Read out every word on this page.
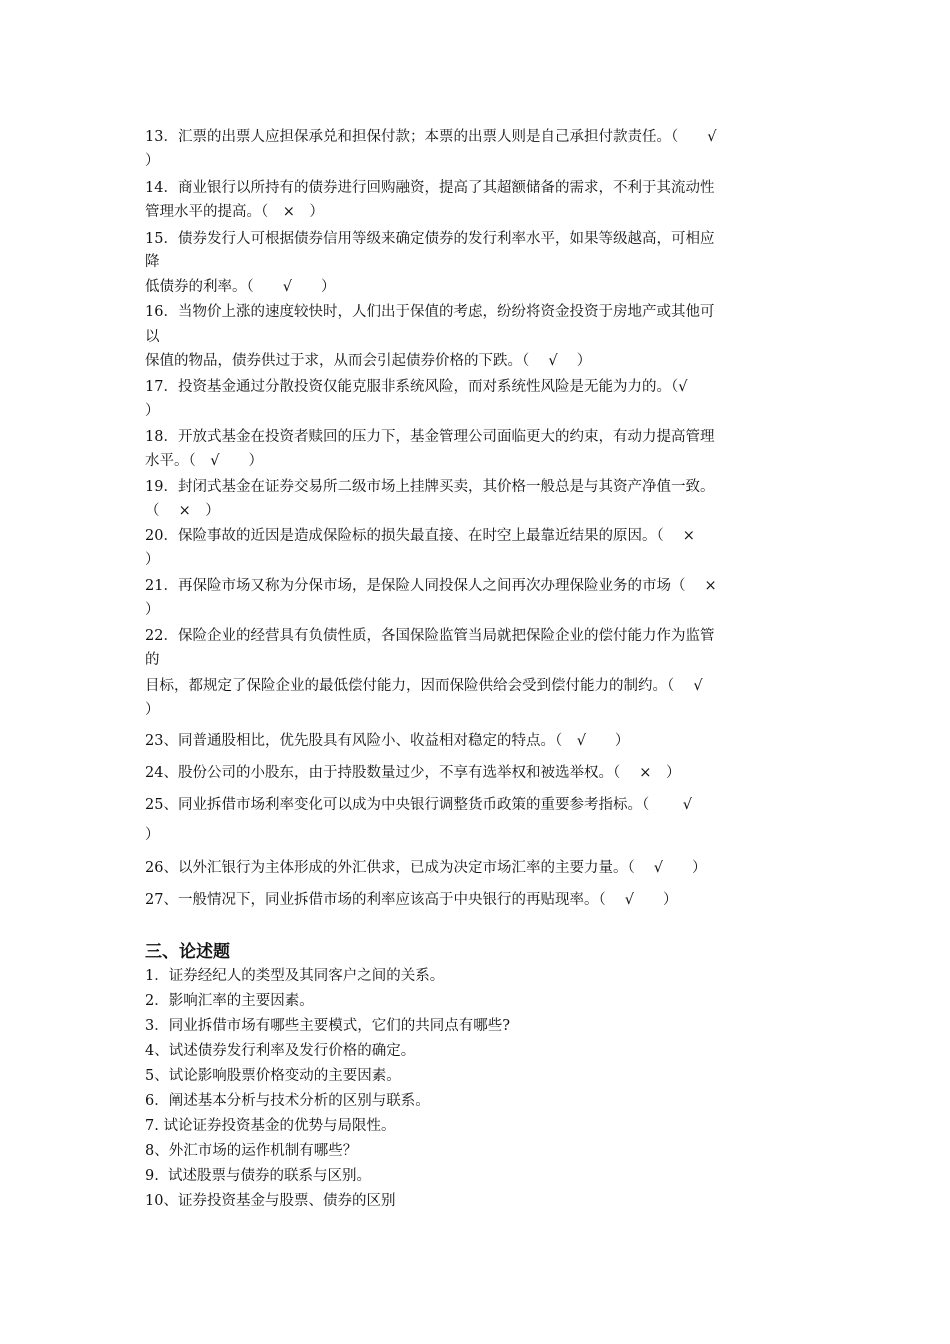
13．汇票的出票人应担保承兑和担保付款；本票的出票人则是自己承担付款责任。（　　√
）
14．商业银行以所持有的债券进行回购融资，提高了其超额储备的需求，不利于其流动性
管理水平的提高。（　×　）
15．债券发行人可根据债券信用等级来确定债券的发行利率水平，如果等级越高，可相应
降
低债券的利率。（　　√　　）
16．当物价上涨的速度较快时，人们出于保值的考虑，纷纷将资金投资于房地产或其他可
以
保值的物品，债券供过于求，从而会引起债券价格的下跌。（　 √　 ）
17．投资基金通过分散投资仅能克服非系统风险，而对系统性风险是无能为力的。（√
）
18．开放式基金在投资者赎回的压力下，基金管理公司面临更大的约束，有动力提高管理
水平。（　√　　）
19．封闭式基金在证券交易所二级市场上挂牌买卖，其价格一般总是与其资产净值一致。
（　 ×　）
20．保险事故的近因是造成保险标的损失最直接、在时空上最靠近结果的原因。（　 ×
）
21．再保险市场又称为分保市场，是保险人同投保人之间再次办理保险业务的市场（　 ×
）
22．保险企业的经营具有负债性质，各国保险监管当局就把保险企业的偿付能力作为监管
的
目标，都规定了保险企业的最低偿付能力，因而保险供给会受到偿付能力的制约。（　 √
）
23、同普通股相比，优先股具有风险小、收益相对稳定的特点。（　√　　）
24、股份公司的小股东，由于持股数量过少，不享有选举权和被选举权。（　 ×　）
25、同业拆借市场利率变化可以成为中央银行调整货币政策的重要参考指标。（　　 √
）
26、以外汇银行为主体形成的外汇供求，已成为决定市场汇率的主要力量。（　 √　　）
27、一般情况下，同业拆借市场的利率应该高于中央银行的再贴现率。（　 √　　）
三、论述题
1．证券经纪人的类型及其同客户之间的关系。
2．影响汇率的主要因素。
3．同业拆借市场有哪些主要模式，它们的共同点有哪些?
4、试述债券发行利率及发行价格的确定。
5、试论影响股票价格变动的主要因素。
6．阐述基本分析与技术分析的区别与联系。
7. 试论证券投资基金的优势与局限性。
8、外汇市场的运作机制有哪些？
9.  试述股票与债券的联系与区别。
10、证券投资基金与股票、债券的区别
